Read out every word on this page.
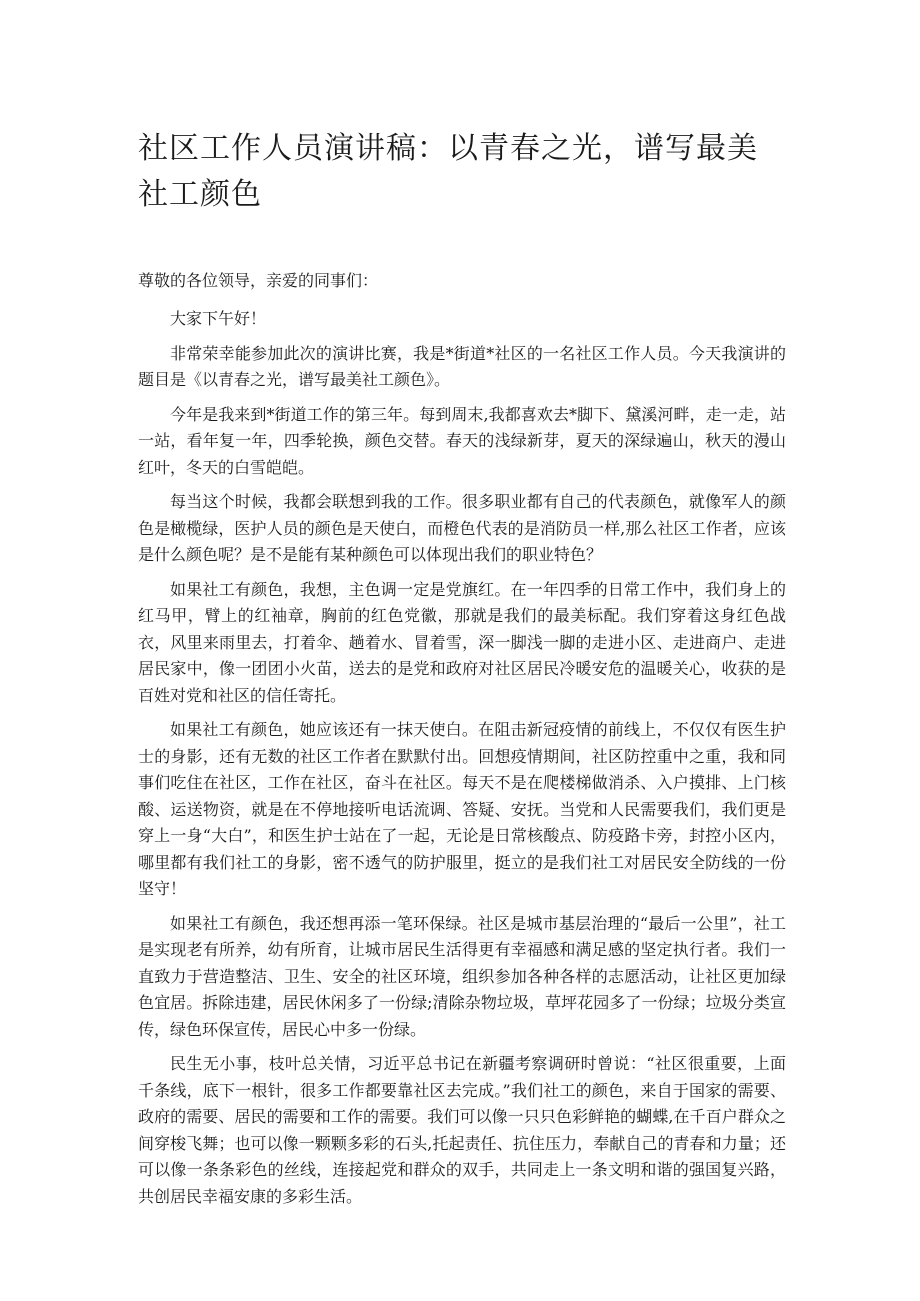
社区工作人员演讲稿：以青春之光，谱写最美社工颜色

尊敬的各位领导，亲爱的同事们：

大家下午好！

非常荣幸能参加此次的演讲比赛，我是*街道*社区的一名社区工作人员。今天我演讲的题目是《以青春之光，谱写最美社工颜色》。

今年是我来到*街道工作的第三年。每到周末,我都喜欢去*脚下、黛溪河畔，走一走，站一站，看年复一年，四季轮换，颜色交替。春天的浅绿新芽，夏天的深绿遍山，秋天的漫山红叶，冬天的白雪皑皑。

每当这个时候，我都会联想到我的工作。很多职业都有自己的代表颜色，就像军人的颜色是橄榄绿，医护人员的颜色是天使白，而橙色代表的是消防员一样,那么社区工作者，应该是什么颜色呢？是不是能有某种颜色可以体现出我们的职业特色？

如果社工有颜色，我想，主色调一定是党旗红。在一年四季的日常工作中，我们身上的红马甲，臂上的红袖章，胸前的红色党徽，那就是我们的最美标配。我们穿着这身红色战衣，风里来雨里去，打着伞、趟着水、冒着雪，深一脚浅一脚的走进小区、走进商户、走进居民家中，像一团团小火苗，送去的是党和政府对社区居民冷暖安危的温暖关心，收获的是百姓对党和社区的信任寄托。

如果社工有颜色，她应该还有一抹天使白。在阻击新冠疫情的前线上，不仅仅有医生护士的身影，还有无数的社区工作者在默默付出。回想疫情期间，社区防控重中之重，我和同事们吃住在社区，工作在社区，奋斗在社区。每天不是在爬楼梯做消杀、入户摸排、上门核酸、运送物资，就是在不停地接听电话流调、答疑、安抚。当党和人民需要我们，我们更是穿上一身“大白”，和医生护士站在了一起，无论是日常核酸点、防疫路卡旁，封控小区内，哪里都有我们社工的身影，密不透气的防护服里，挺立的是我们社工对居民安全防线的一份坚守！

如果社工有颜色，我还想再添一笔环保绿。社区是城市基层治理的“最后一公里”，社工是实现老有所养，幼有所育，让城市居民生活得更有幸福感和满足感的坚定执行者。我们一直致力于营造整洁、卫生、安全的社区环境，组织参加各种各样的志愿活动，让社区更加绿色宜居。拆除违建，居民休闲多了一份绿;清除杂物垃圾，草坪花园多了一份绿；垃圾分类宣传，绿色环保宣传，居民心中多一份绿。

民生无小事，枝叶总关情，习近平总书记在新疆考察调研时曾说：“社区很重要，上面千条线，底下一根针，很多工作都要靠社区去完成。”我们社工的颜色，来自于国家的需要、政府的需要、居民的需要和工作的需要。我们可以像一只只色彩鲜艳的蝴蝶,在千百户群众之间穿梭飞舞；也可以像一颗颗多彩的石头,托起责任、抗住压力，奉献自己的青春和力量；还可以像一条条彩色的丝线，连接起党和群众的双手，共同走上一条文明和谐的强国复兴路，共创居民幸福安康的多彩生活。
